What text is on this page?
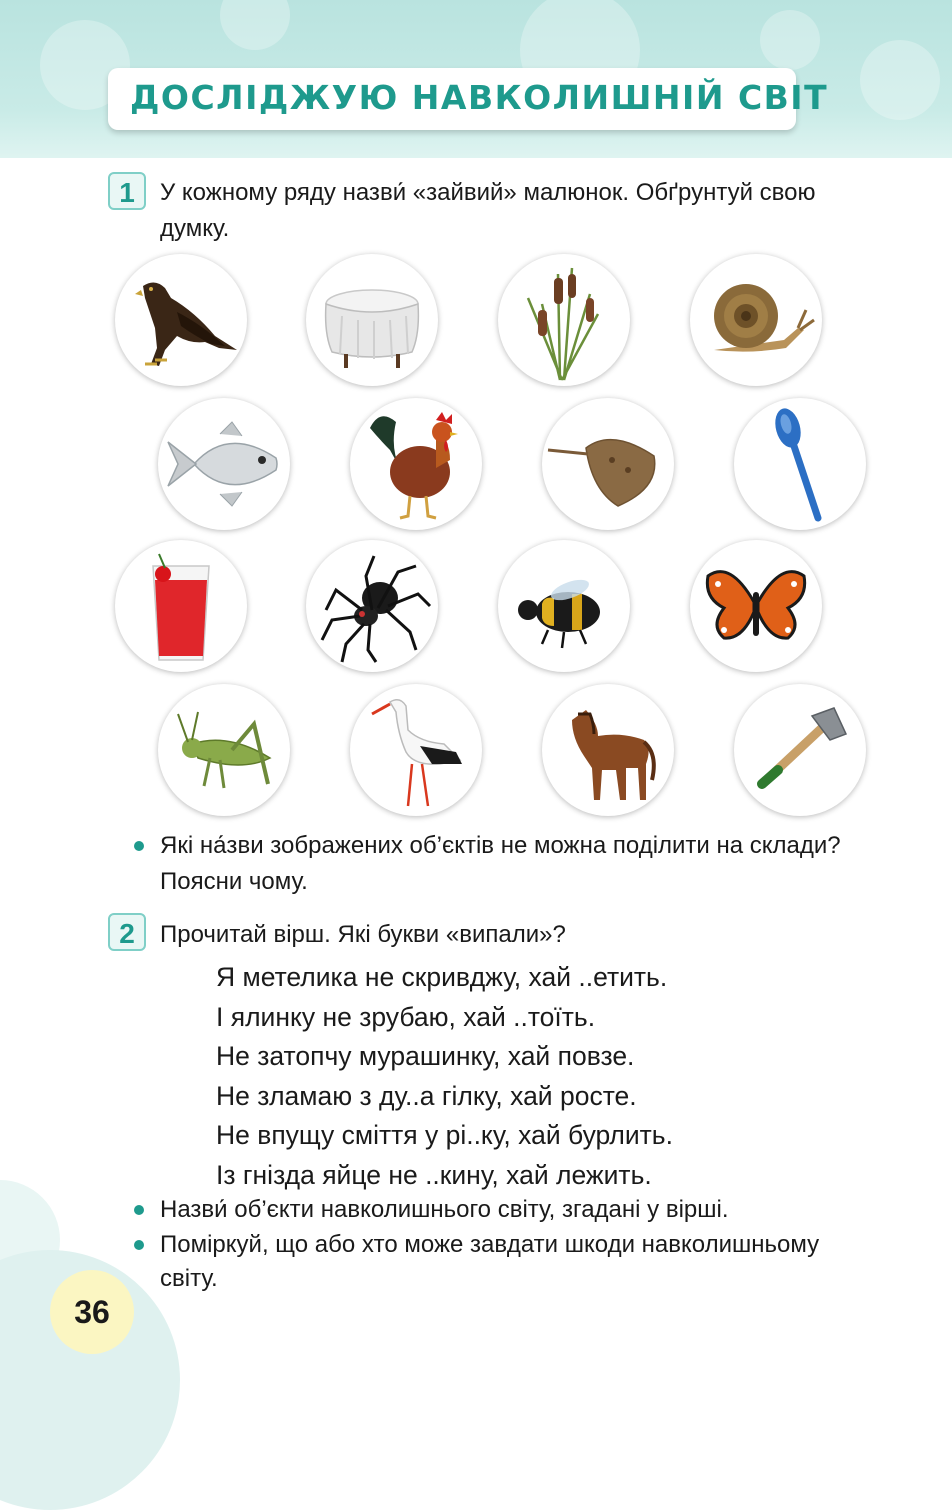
ДОСЛІДЖУЮ НАВКОЛИШНІЙ СВІТ
1	У кожному ряду назви́ «зайвий» малюнок. Обґрунтуй свою
думку.
Які на́зви зображених об’єктів не можна поділити на склади?
Поясни чому.
2	Прочитай вірш. Які букви «випали»?
Я метелика не скривджу, хай ..етить.
І ялинку не зрубаю, хай ..тоїть.
Не затопчу мурашинку, хай повзе.
Не зламаю з ду..а гілку, хай росте.
Не впущу сміття у рі..ку, хай бурлить.
Із гнізда яйце не ..кину, хай лежить.
Назви́ об’єкти навколишнього світу, згадані у вірші.
Поміркуй, що або хто може завдати шкоди навколишньому
світу.
36
